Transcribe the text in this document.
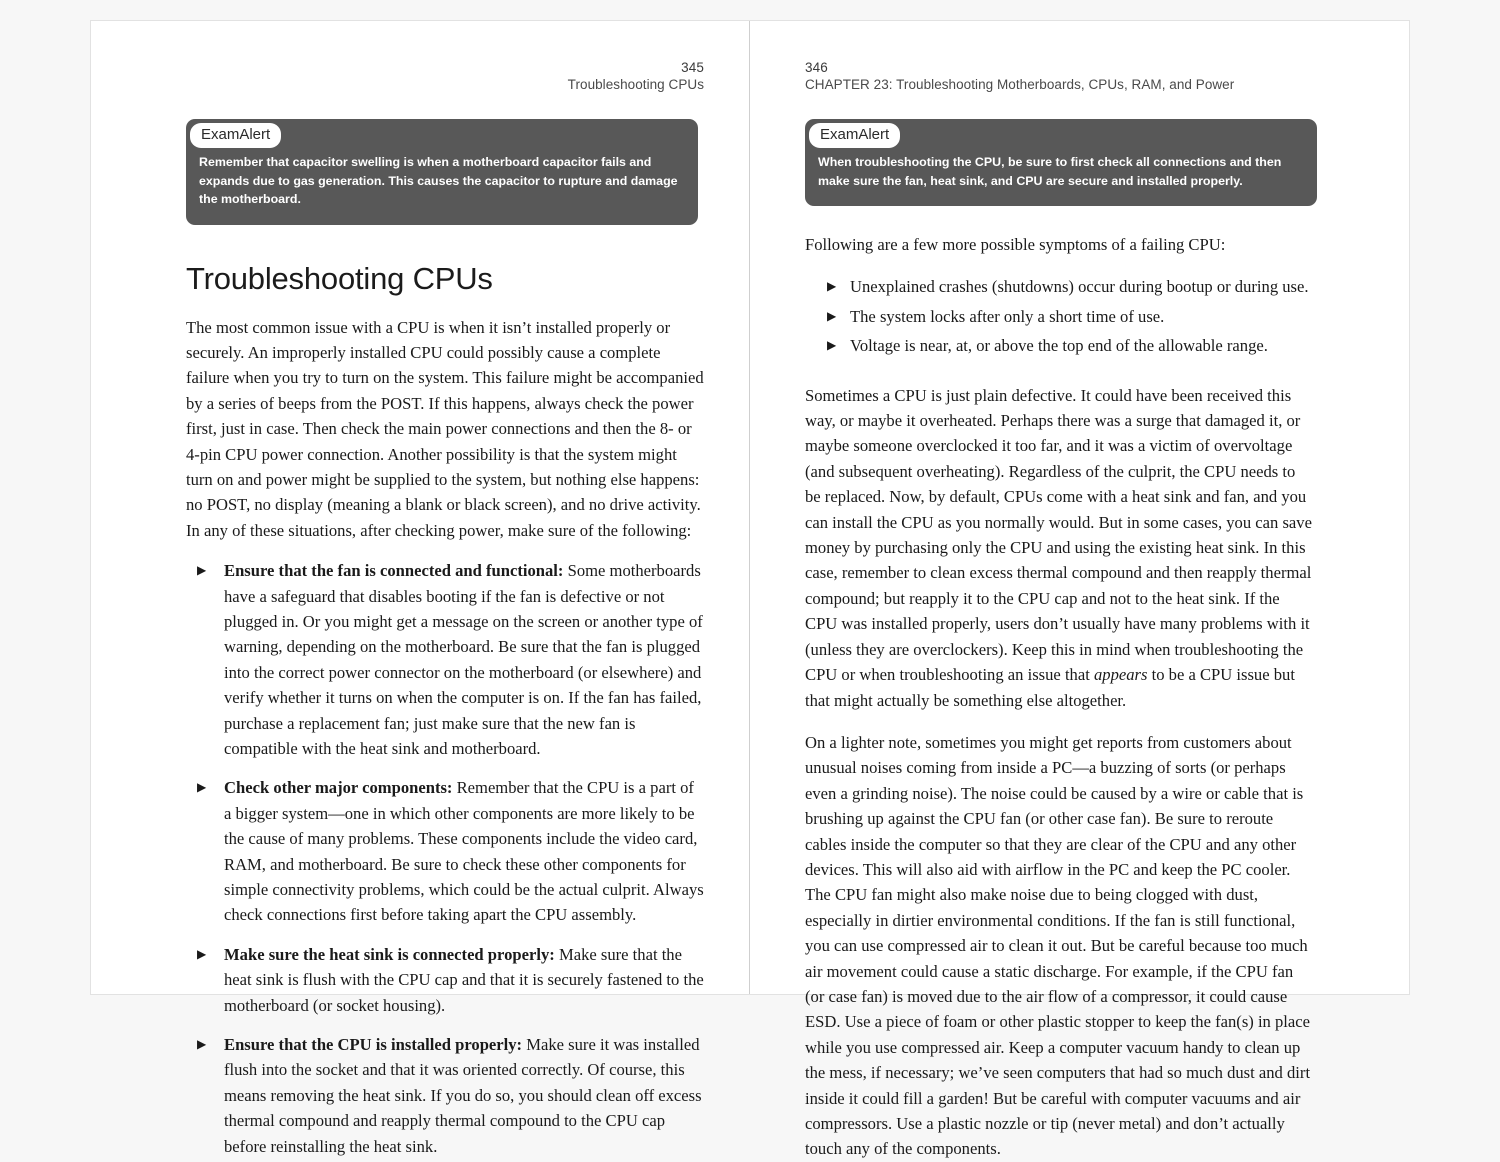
345
Troubleshooting CPUs
ExamAlert
Remember that capacitor swelling is when a motherboard capacitor fails and expands due to gas generation. This causes the capacitor to rupture and damage the motherboard.
Troubleshooting CPUs

The most common issue with a CPU is when it isn’t installed properly or securely. An improperly installed CPU could possibly cause a complete failure when you try to turn on the system. This failure might be accompanied by a series of beeps from the POST. If this happens, always check the power first, just in case. Then check the main power connections and then the 8- or 4-pin CPU power connection. Another possibility is that the system might turn on and power might be supplied to the system, but nothing else happens: no POST, no display (meaning a blank or black screen), and no drive activity. In any of these situations, after checking power, make sure of the following:

▶ Ensure that the fan is connected and functional: Some motherboards have a safeguard that disables booting if the fan is defective or not plugged in. Or you might get a message on the screen or another type of warning, depending on the motherboard. Be sure that the fan is plugged into the correct power connector on the motherboard (or elsewhere) and verify whether it turns on when the computer is on. If the fan has failed, purchase a replacement fan; just make sure that the new fan is compatible with the heat sink and motherboard.
▶ Check other major components: Remember that the CPU is a part of a bigger system—one in which other components are more likely to be the cause of many problems. These components include the video card, RAM, and motherboard. Be sure to check these other components for simple connectivity problems, which could be the actual culprit. Always check connections first before taking apart the CPU assembly.
▶ Make sure the heat sink is connected properly: Make sure that the heat sink is flush with the CPU cap and that it is securely fastened to the motherboard (or socket housing).
▶ Ensure that the CPU is installed properly: Make sure it was installed flush into the socket and that it was oriented correctly. Of course, this means removing the heat sink. If you do so, you should clean off excess thermal compound and reapply thermal compound to the CPU cap before reinstalling the heat sink.
346
CHAPTER 23: Troubleshooting Motherboards, CPUs, RAM, and Power
ExamAlert
When troubleshooting the CPU, be sure to first check all connections and then make sure the fan, heat sink, and CPU are secure and installed properly.

Following are a few more possible symptoms of a failing CPU:

▶ Unexplained crashes (shutdowns) occur during bootup or during use.
▶ The system locks after only a short time of use.
▶ Voltage is near, at, or above the top end of the allowable range.

Sometimes a CPU is just plain defective. It could have been received this way, or maybe it overheated. Perhaps there was a surge that damaged it, or maybe someone overclocked it too far, and it was a victim of overvoltage (and subsequent overheating). Regardless of the culprit, the CPU needs to be replaced. Now, by default, CPUs come with a heat sink and fan, and you can install the CPU as you normally would. But in some cases, you can save money by purchasing only the CPU and using the existing heat sink. In this case, remember to clean excess thermal compound and then reapply thermal compound; but reapply it to the CPU cap and not to the heat sink. If the CPU was installed properly, users don’t usually have many problems with it (unless they are overclockers). Keep this in mind when troubleshooting the CPU or when troubleshooting an issue that appears to be a CPU issue but that might actually be something else altogether.

On a lighter note, sometimes you might get reports from customers about unusual noises coming from inside a PC—a buzzing of sorts (or perhaps even a grinding noise). The noise could be caused by a wire or cable that is brushing up against the CPU fan (or other case fan). Be sure to reroute cables inside the computer so that they are clear of the CPU and any other devices. This will also aid with airflow in the PC and keep the PC cooler. The CPU fan might also make noise due to being clogged with dust, especially in dirtier environmental conditions. If the fan is still functional, you can use compressed air to clean it out. But be careful because too much air movement could cause a static discharge. For example, if the CPU fan (or case fan) is moved due to the air flow of a compressor, it could cause ESD. Use a piece of foam or other plastic stopper to keep the fan(s) in place while you use compressed air. Keep a computer vacuum handy to clean up the mess, if necessary; we’ve seen computers that had so much dust and dirt inside it could fill a garden! But be careful with computer vacuums and air compressors. Use a plastic nozzle or tip (never metal) and don’t actually touch any of the components.
